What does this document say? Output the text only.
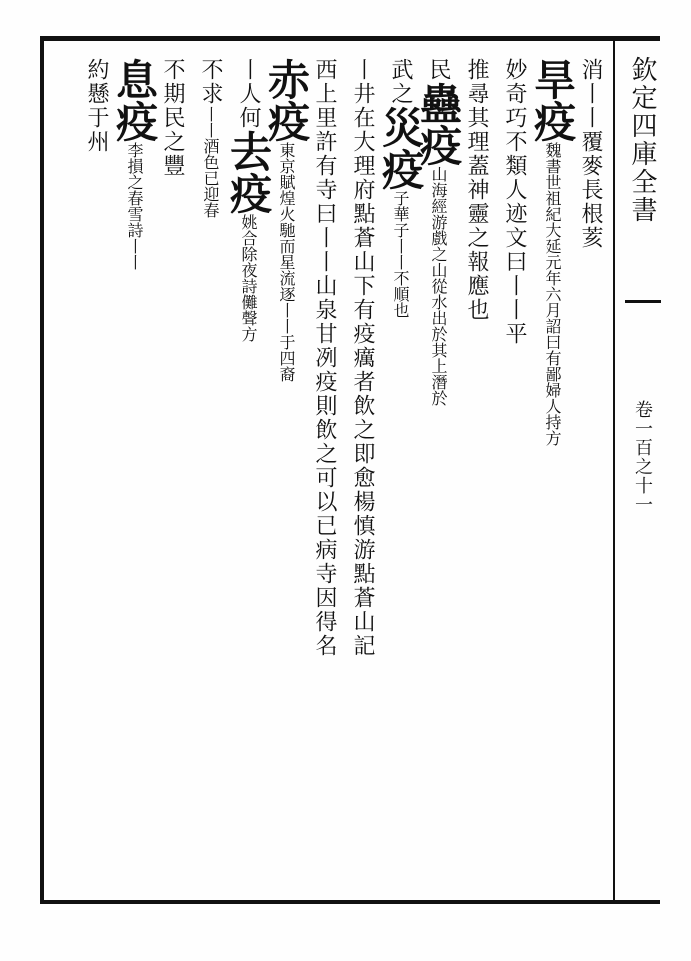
欽定四庫全書
卷一百之十一
消丨丨覆麥長根荄
旱疫魏書世祖紀大延元年六月詔曰有鄙婦人持方
妙奇巧不類人迹文曰丨丨平
推尋其理蓋神靈之報應也
民蠱疫山海經游戲之山從水出於其上潛於
武之災疫子華子丨丨不順也
丨井在大理府點蒼山下有疫癘者飲之即愈楊慎游點蒼山記
西上里許有寺曰丨丨山泉甘冽疫則飲之可以已病寺因得名
赤疫東京賦煌火馳而星流逐丨丨于四裔
丨人何去疫姚合除夜詩儺聲方
不求丨丨酒色已迎春
不期民之豐
息疫李損之春雪詩丨丨
約懸于州
